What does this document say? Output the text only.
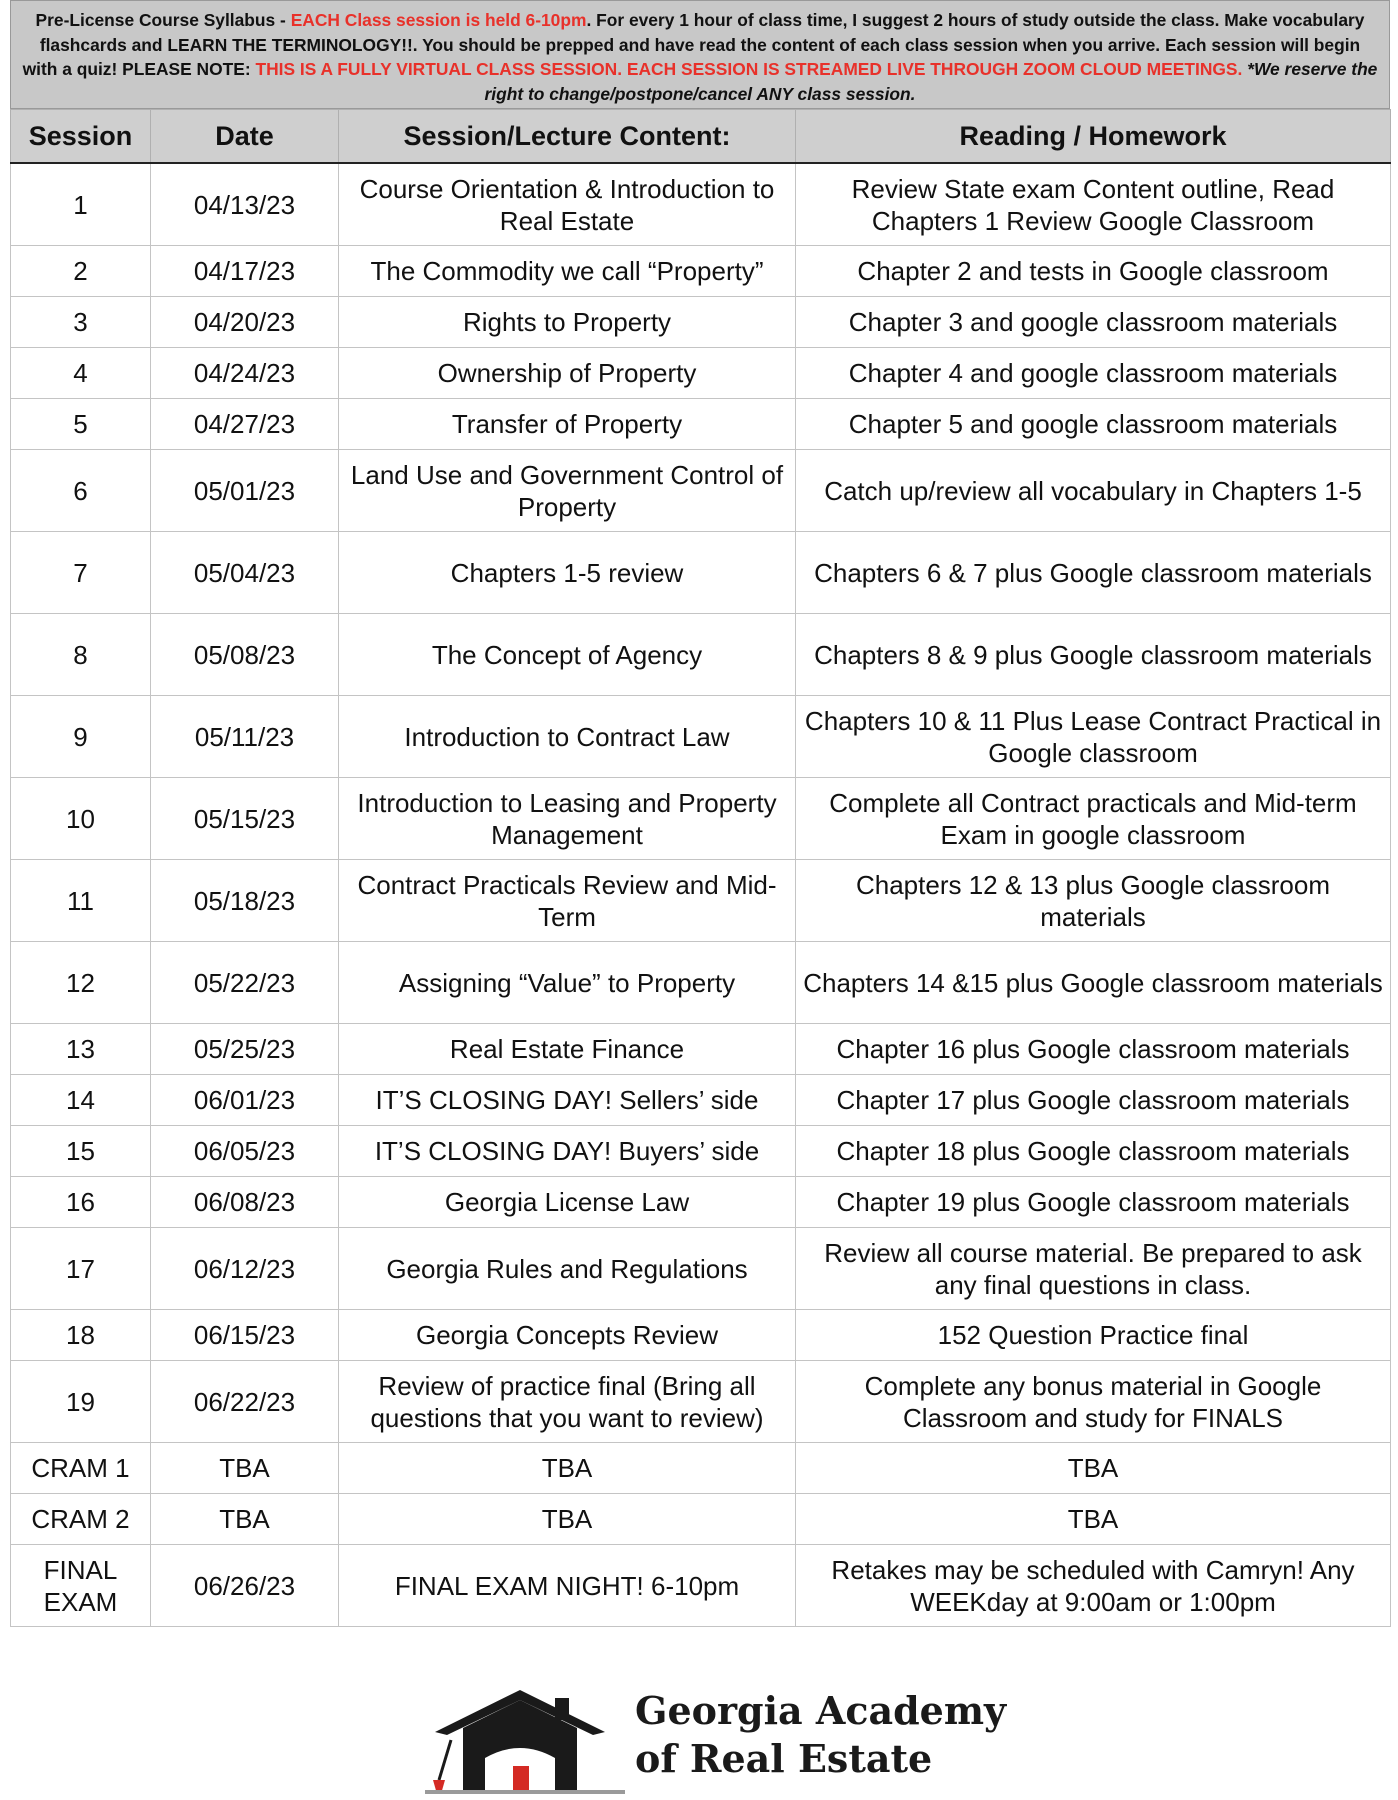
Pre-License Course Syllabus - EACH Class session is held 6-10pm. For every 1 hour of class time, I suggest 2 hours of study outside the class. Make vocabulary flashcards and LEARN THE TERMINOLOGY!!. You should be prepped and have read the content of each class session when you arrive. Each session will begin with a quiz! PLEASE NOTE: THIS IS A FULLY VIRTUAL CLASS SESSION. EACH SESSION IS STREAMED LIVE THROUGH ZOOM CLOUD MEETINGS. *We reserve the right to change/postpone/cancel ANY class session.
Session	Date	Session/Lecture Content:	Reading / Homework
1	04/13/23	Course Orientation & Introduction to Real Estate	Review State exam Content outline, Read Chapters 1 Review Google Classroom
2	04/17/23	The Commodity we call “Property”	Chapter 2 and tests in Google classroom
3	04/20/23	Rights to Property	Chapter 3 and google classroom materials
4	04/24/23	Ownership of Property	Chapter 4 and google classroom materials
5	04/27/23	Transfer of Property	Chapter 5 and google classroom materials
6	05/01/23	Land Use and Government Control of Property	Catch up/review all vocabulary in Chapters 1-5
7	05/04/23	Chapters 1-5 review	Chapters 6 & 7 plus Google classroom materials
8	05/08/23	The Concept of Agency	Chapters 8 & 9 plus Google classroom materials
9	05/11/23	Introduction to Contract Law	Chapters 10 & 11 Plus Lease Contract Practical in Google classroom
10	05/15/23	Introduction to Leasing and Property Management	Complete all Contract practicals and Mid-term Exam in google classroom
11	05/18/23	Contract Practicals Review and Mid-Term	Chapters 12 & 13 plus Google classroom materials
12	05/22/23	Assigning “Value” to Property	Chapters 14 &15 plus Google classroom materials
13	05/25/23	Real Estate Finance	Chapter 16 plus Google classroom materials
14	06/01/23	IT’S CLOSING DAY! Sellers’ side	Chapter 17 plus Google classroom materials
15	06/05/23	IT’S CLOSING DAY! Buyers’ side	Chapter 18 plus Google classroom materials
16	06/08/23	Georgia License Law	Chapter 19 plus Google classroom materials
17	06/12/23	Georgia Rules and Regulations	Review all course material. Be prepared to ask any final questions in class.
18	06/15/23	Georgia Concepts Review	152 Question Practice final
19	06/22/23	Review of practice final (Bring all questions that you want to review)	Complete any bonus material in Google Classroom and study for FINALS
CRAM 1	TBA	TBA	TBA
CRAM 2	TBA	TBA	TBA
FINAL EXAM	06/26/23	FINAL EXAM NIGHT! 6-10pm	Retakes may be scheduled with Camryn! Any WEEKday at 9:00am or 1:00pm
Georgia Academy
of Real Estate
